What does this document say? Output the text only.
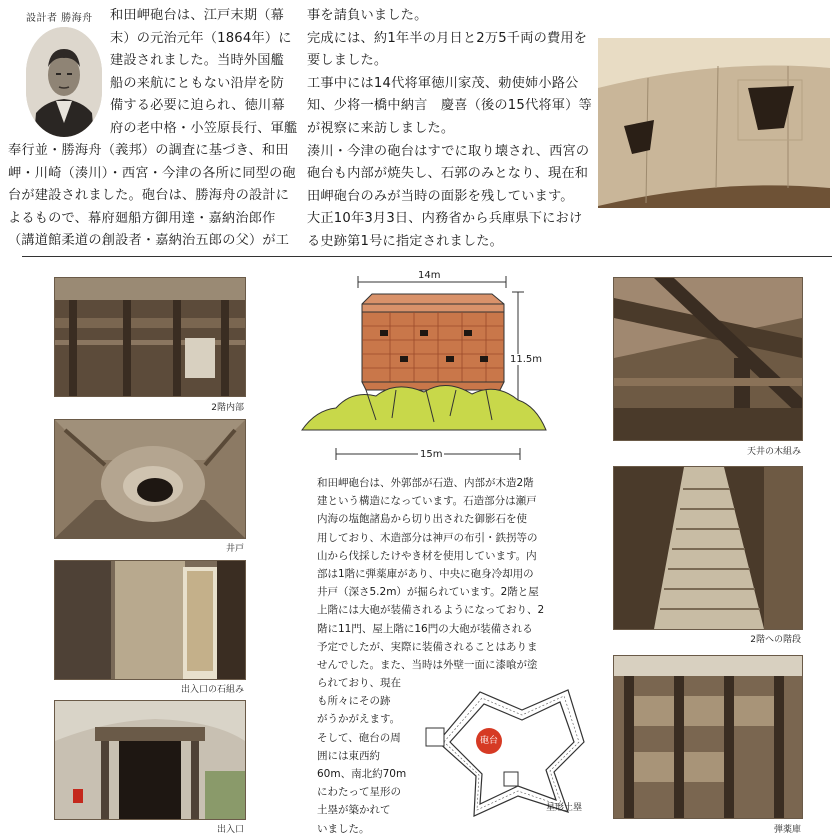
設計者 勝海舟 和田岬砲台は、江戸末期（幕

末）の元治元年（1864年）に

建設されました。当時外国艦

船の来航にともない沿岸を防

備する必要に迫られ、徳川幕

府の老中格・小笠原長行、軍艦

奉行並・勝海舟（義邦）の調査に基づき、和田

岬・川崎（湊川）・西宮・今津の各所に同型の砲

台が建設されました。砲台は、勝海舟の設計に

よるもので、幕府廻船方御用達・嘉納治郎作

（講道館柔道の創設者・嘉納治五郎の父）が工

事を請負いました。

完成には、約1年半の月日と2万5千両の費用を

要しました。

工事中には14代将軍徳川家茂、勅使姉小路公

知、少将一橋中納言　慶喜（後の15代将軍）等

が視察に来訪しました。

湊川・今津の砲台はすでに取り壊され、西宮の

砲台も内部が焼失し、石郭のみとなり、現在和

田岬砲台のみが当時の面影を残しています。

大正10年3月3日、内務省から兵庫県下におけ

る史跡第1号に指定されました。

2階内部
井戸
出入口の石組み
出入口
天井の木組み
2階への階段
弾薬庫
14m
11.5m
15m

和田岬砲台は、外郭部が石造、内部が木造2階

建という構造になっています。石造部分は瀬戸

内海の塩飽諸島から切り出された御影石を使

用しており、木造部分は神戸の布引・鉄拐等の

山から伐採したけやき材を使用しています。内

部は1階に弾薬庫があり、中央に砲身冷却用の

井戸（深さ5.2m）が掘られています。2階と屋

上階には大砲が装備されるようになっており、2

階に11門、屋上階に16門の大砲が装備される

予定でしたが、実際に装備されることはありま

せんでした。また、当時は外壁一面に漆喰が塗

られており、現在

も所々にその跡

がうかがえます。

そして、砲台の周

囲には東西約

60m、南北約70m

にわたって星形の

土塁が築かれて

いました。

砲台
星形土塁
